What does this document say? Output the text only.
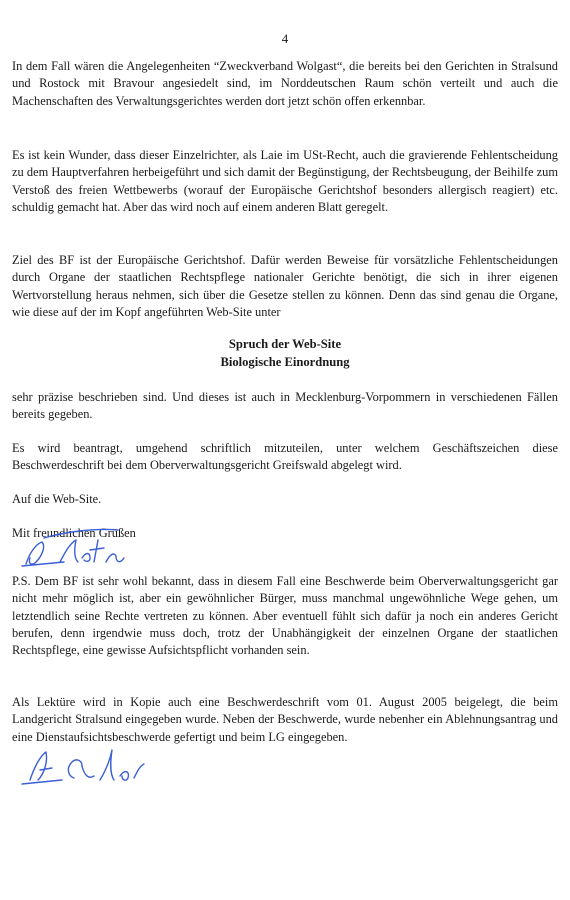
4

In dem Fall wären die Angelegenheiten “Zweckverband Wolgast“, die bereits bei den Gerichten in Stralsund und Rostock mit Bravour angesiedelt sind, im Norddeutschen Raum schön verteilt und auch die Machenschaften des Verwaltungsgerichtes werden dort jetzt schön offen erkennbar.

Es ist kein Wunder, dass dieser Einzelrichter, als Laie im USt-Recht, auch die gravierende Fehlentscheidung zu dem Hauptverfahren herbeigeführt und sich damit der Begünstigung, der Rechtsbeugung, der Beihilfe zum Verstoß des freien Wettbewerbs (worauf der Europäische Gerichtshof besonders allergisch reagiert) etc. schuldig gemacht hat. Aber das wird noch auf einem anderen Blatt geregelt.

Ziel des BF ist der Europäische Gerichtshof. Dafür werden Beweise für vorsätzliche Fehlentscheidungen durch Organe der staatlichen Rechtspflege nationaler Gerichte benötigt, die sich in ihrer eigenen Wertvorstellung heraus nehmen, sich über die Gesetze stellen zu können. Denn das sind genau die Organe, wie diese auf der im Kopf angeführten Web-Site unter

Spruch der Web-Site
Biologische Einordnung

sehr präzise beschrieben sind. Und dieses ist auch in Mecklenburg-Vorpommern in verschiedenen Fällen bereits gegeben.

Es wird beantragt, umgehend schriftlich mitzuteilen, unter welchem Geschäftszeichen diese Beschwerdeschrift bei dem Oberverwaltungsgericht Greifswald abgelegt wird.

Auf die Web-Site.
Mit freundlichen Grüßen

P.S. Dem BF ist sehr wohl bekannt, dass in diesem Fall eine Beschwerde beim Oberverwaltungsgericht gar nicht mehr möglich ist, aber ein gewöhnlicher Bürger, muss manchmal ungewöhnliche Wege gehen, um letztendlich seine Rechte vertreten zu können. Aber eventuell fühlt sich dafür ja noch ein anderes Gericht berufen, denn irgendwie muss doch, trotz der Unabhängigkeit der einzelnen Organe der staatlichen Rechtspflege, eine gewisse Aufsichtspflicht vorhanden sein.

Als Lektüre wird in Kopie auch eine Beschwerdeschrift vom 01. August 2005 beigelegt, die beim Landgericht Stralsund eingegeben wurde. Neben der Beschwerde, wurde nebenher ein Ablehnungsantrag und eine Dienstaufsichtsbeschwerde gefertigt und beim LG eingegeben.
